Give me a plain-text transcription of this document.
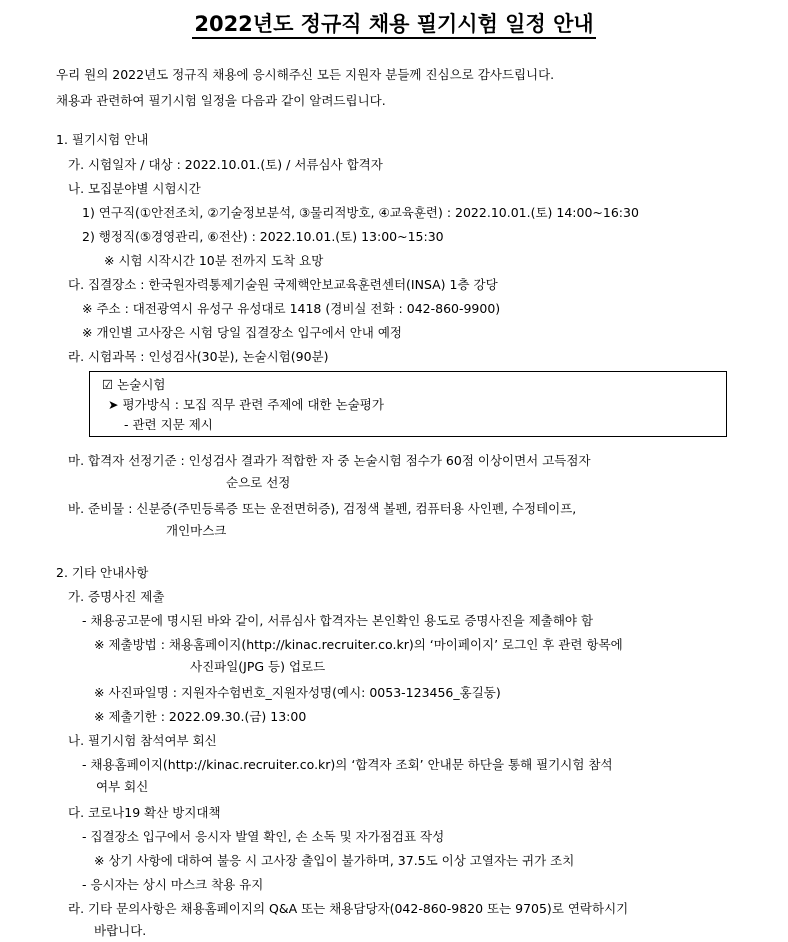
2022년도 정규직 채용 필기시험 일정 안내

우리 원의 2022년도 정규직 채용에 응시해주신 모든 지원자 분들께 진심으로 감사드립니다.

채용과 관련하여 필기시험 일정을 다음과 같이 알려드립니다.

1. 필기시험 안내

가. 시험일자 / 대상 : 2022.10.01.(토) / 서류심사 합격자

나. 모집분야별 시험시간

1) 연구직(①안전조치, ②기술정보분석, ③물리적방호, ④교육훈련) : 2022.10.01.(토) 14:00~16:30

2) 행정직(⑤경영관리, ⑥전산) : 2022.10.01.(토) 13:00~15:30

※ 시험 시작시간 10분 전까지 도착 요망

다. 집결장소 : 한국원자력통제기술원 국제핵안보교육훈련센터(INSA) 1층 강당

※ 주소 : 대전광역시 유성구 유성대로 1418 (경비실 전화 : 042-860-9900)

※ 개인별 고사장은 시험 당일 집결장소 입구에서 안내 예정

라. 시험과목 : 인성검사(30분), 논술시험(90분)

☑ 논술시험

➤ 평가방식 : 모집 직무 관련 주제에 대한 논술평가

- 관련 지문 제시

마. 합격자 선정기준 : 인성검사 결과가 적합한 자 중 논술시험 점수가 60점 이상이면서 고득점자

순으로 선정

바. 준비물 : 신분증(주민등록증 또는 운전면허증), 검정색 볼펜, 컴퓨터용 사인펜, 수정테이프,

개인마스크

2. 기타 안내사항

가. 증명사진 제출

- 채용공고문에 명시된 바와 같이, 서류심사 합격자는 본인확인 용도로 증명사진을 제출해야 함

※ 제출방법 : 채용홈페이지(http://kinac.recruiter.co.kr)의 ‘마이페이지’ 로그인 후 관련 항목에

사진파일(JPG 등) 업로드

※ 사진파일명 : 지원자수험번호_지원자성명(예시: 0053-123456_홍길동)

※ 제출기한 : 2022.09.30.(금) 13:00

나. 필기시험 참석여부 회신

- 채용홈페이지(http://kinac.recruiter.co.kr)의 ‘합격자 조회’ 안내문 하단을 통해 필기시험 참석

여부 회신

다. 코로나19 확산 방지대책

- 집결장소 입구에서 응시자 발열 확인, 손 소독 및 자가점검표 작성

※ 상기 사항에 대하여 불응 시 고사장 출입이 불가하며, 37.5도 이상 고열자는 귀가 조치

- 응시자는 상시 마스크 착용 유지

라. 기타 문의사항은 채용홈페이지의 Q&A 또는 채용담당자(042-860-9820 또는 9705)로 연락하시기

바랍니다.
